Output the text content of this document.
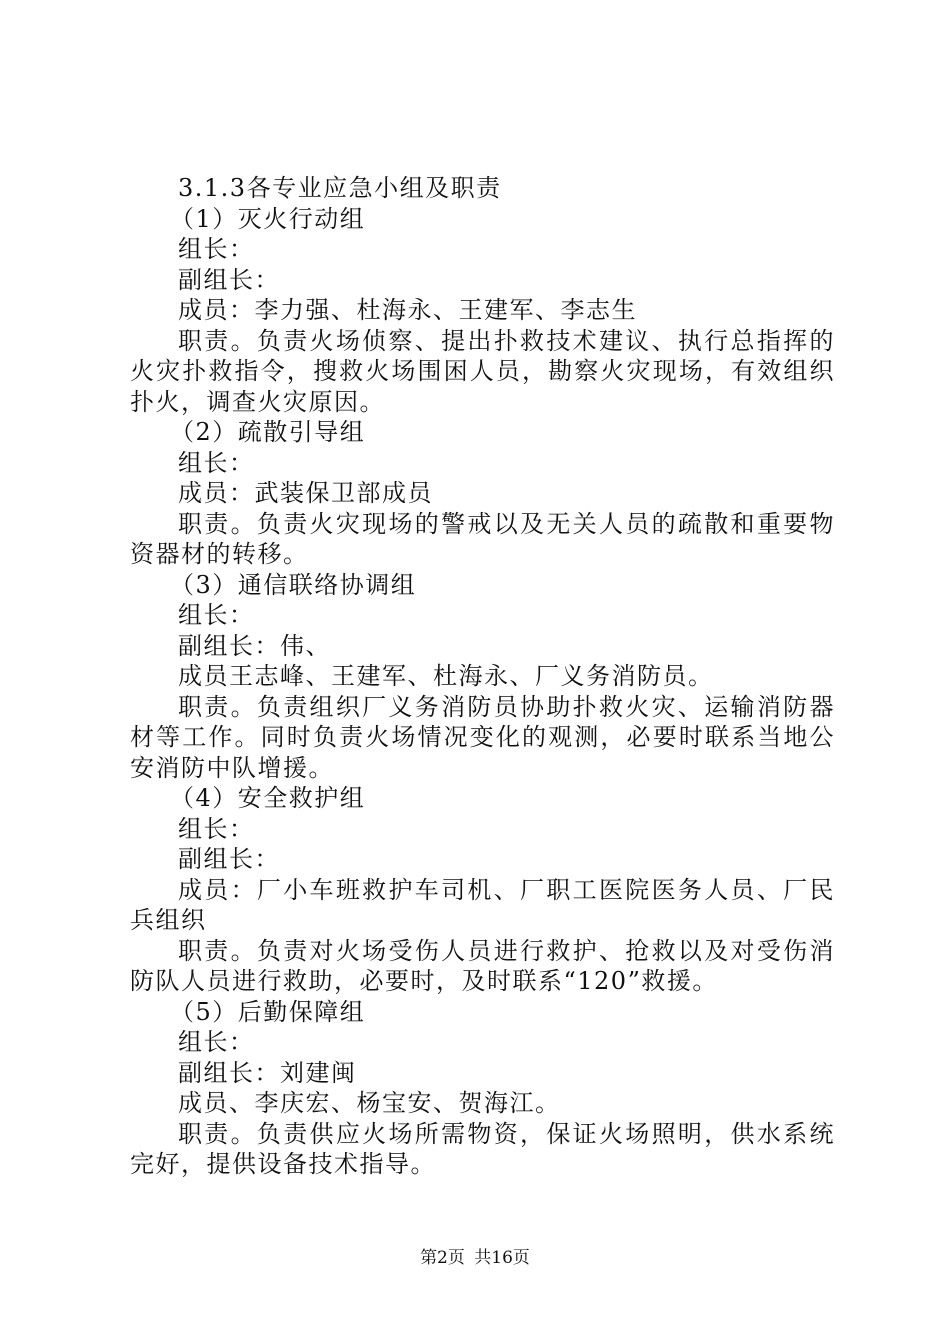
3.1.3各专业应急小组及职责

（1）灭火行动组

组长：

副组长：

成员：李力强、杜海永、王建军、李志生

职责。负责火场侦察、提出扑救技术建议、执行总指挥的火灾扑救指令，搜救火场围困人员，勘察火灾现场，有效组织扑火，调查火灾原因。

（2）疏散引导组

组长：

成员：武装保卫部成员

职责。负责火灾现场的警戒以及无关人员的疏散和重要物资器材的转移。

（3）通信联络协调组

组长：

副组长：伟、

成员王志峰、王建军、杜海永、厂义务消防员。

职责。负责组织厂义务消防员协助扑救火灾、运输消防器材等工作。同时负责火场情况变化的观测，必要时联系当地公安消防中队增援。

（4）安全救护组

组长：

副组长：

成员：厂小车班救护车司机、厂职工医院医务人员、厂民兵组织

职责。负责对火场受伤人员进行救护、抢救以及对受伤消防队人员进行救助，必要时，及时联系“120”救援。

（5）后勤保障组

组长：

副组长：刘建闽

成员、李庆宏、杨宝安、贺海江。

职责。负责供应火场所需物资，保证火场照明，供水系统完好，提供设备技术指导。

第2页 共16页
